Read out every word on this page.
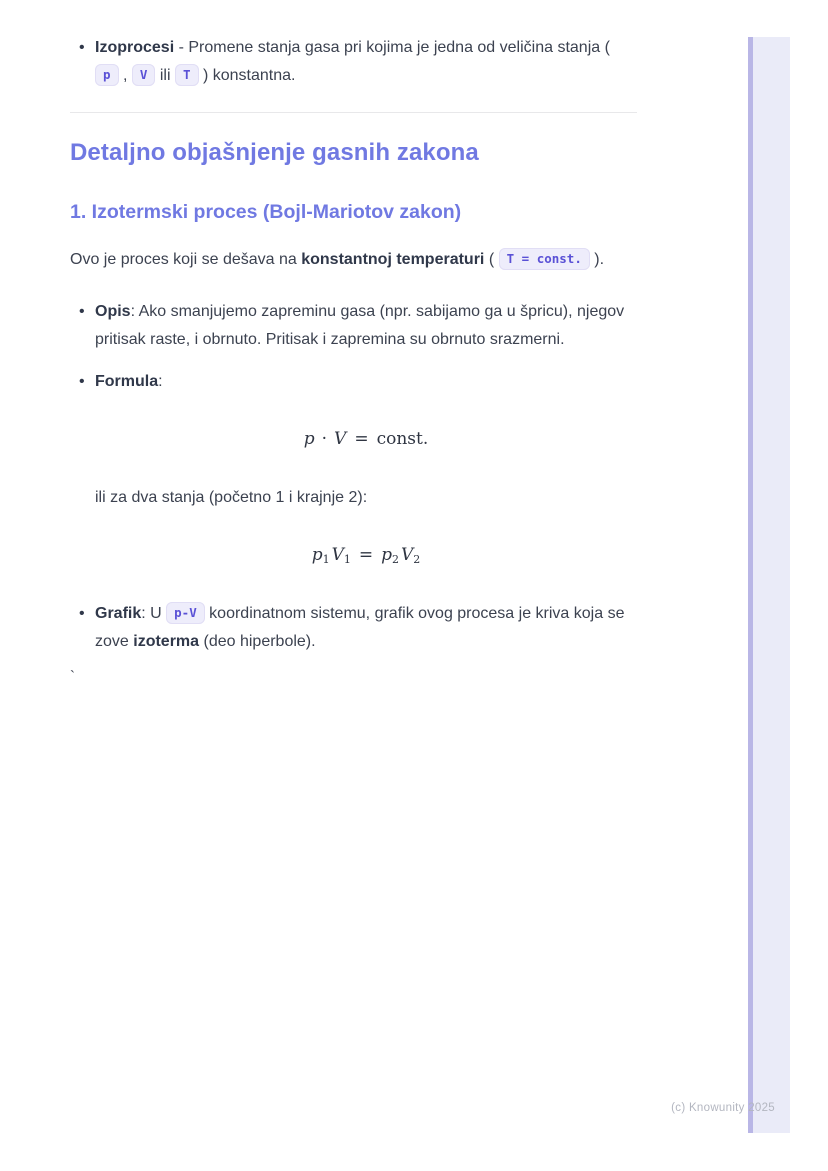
• Izoprocesi - Promene stanja gasa pri kojima je jedna od veličina stanja ( p , V ili T ) konstantna.
Detaljno objašnjenje gasnih zakona
1. Izotermski proces (Bojl-Mariotov zakon)

Ovo je proces koji se dešava na konstantnoj temperaturi ( T = const. ).

• Opis: Ako smanjujemo zapreminu gasa (npr. sabijamo ga u špricu), njegov pritisak raste, i obrnuto. Pritisak i zapremina su obrnuto srazmerni.
• Formula:
p · V = const.

ili za dva stanja (početno 1 i krajnje 2):

$p_1$ $V_1 = p_2$ $V_2$
• Grafik: U p-V koordinatnom sistemu, grafik ovog procesa je kriva koja se zove izoterma (deo hiperbole).

`

(c) Knowunity 2025
